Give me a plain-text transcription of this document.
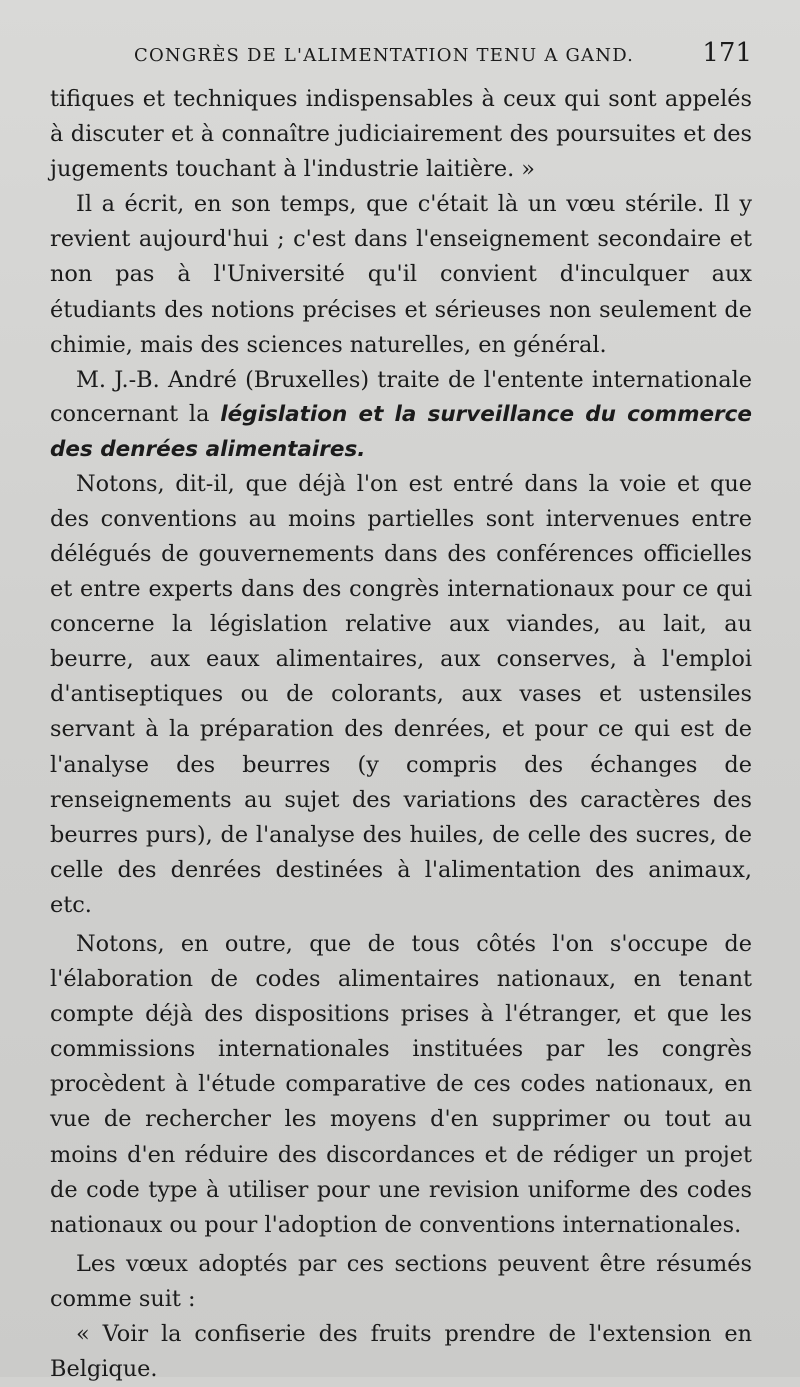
CONGRÈS DE L'ALIMENTATION TENU A GAND.	171

tifiques et techniques indispensables à ceux qui sont appelés à discuter et à connaître judiciairement des poursuites et des jugements touchant à l'industrie laitière. »

Il a écrit, en son temps, que c'était là un vœu stérile. Il y revient aujourd'hui ; c'est dans l'enseignement secondaire et non pas à l'Université qu'il convient d'inculquer aux étudiants des notions précises et sérieuses non seulement de chimie, mais des sciences naturelles, en général.

M. J.-B. André (Bruxelles) traite de l'entente internationale concernant la législation et la surveillance du commerce des denrées alimentaires.

Notons, dit-il, que déjà l'on est entré dans la voie et que des conventions au moins partielles sont intervenues entre délégués de gouvernements dans des conférences officielles et entre experts dans des congrès internationaux pour ce qui concerne la législation relative aux viandes, au lait, au beurre, aux eaux alimentaires, aux conserves, à l'emploi d'antiseptiques ou de colorants, aux vases et ustensiles servant à la préparation des denrées, et pour ce qui est de l'analyse des beurres (y compris des échanges de renseignements au sujet des variations des caractères des beurres purs), de l'analyse des huiles, de celle des sucres, de celle des denrées destinées à l'alimentation des animaux, etc.

Notons, en outre, que de tous côtés l'on s'occupe de l'élaboration de codes alimentaires nationaux, en tenant compte déjà des dispositions prises à l'étranger, et que les commissions internationales instituées par les congrès procèdent à l'étude comparative de ces codes nationaux, en vue de rechercher les moyens d'en supprimer ou tout au moins d'en réduire des discordances et de rédiger un projet de code type à utiliser pour une revision uniforme des codes nationaux ou pour l'adoption de conventions internationales.

Les vœux adoptés par ces sections peuvent être résumés comme suit :

« Voir la confiserie des fruits prendre de l'extension en Belgique.
